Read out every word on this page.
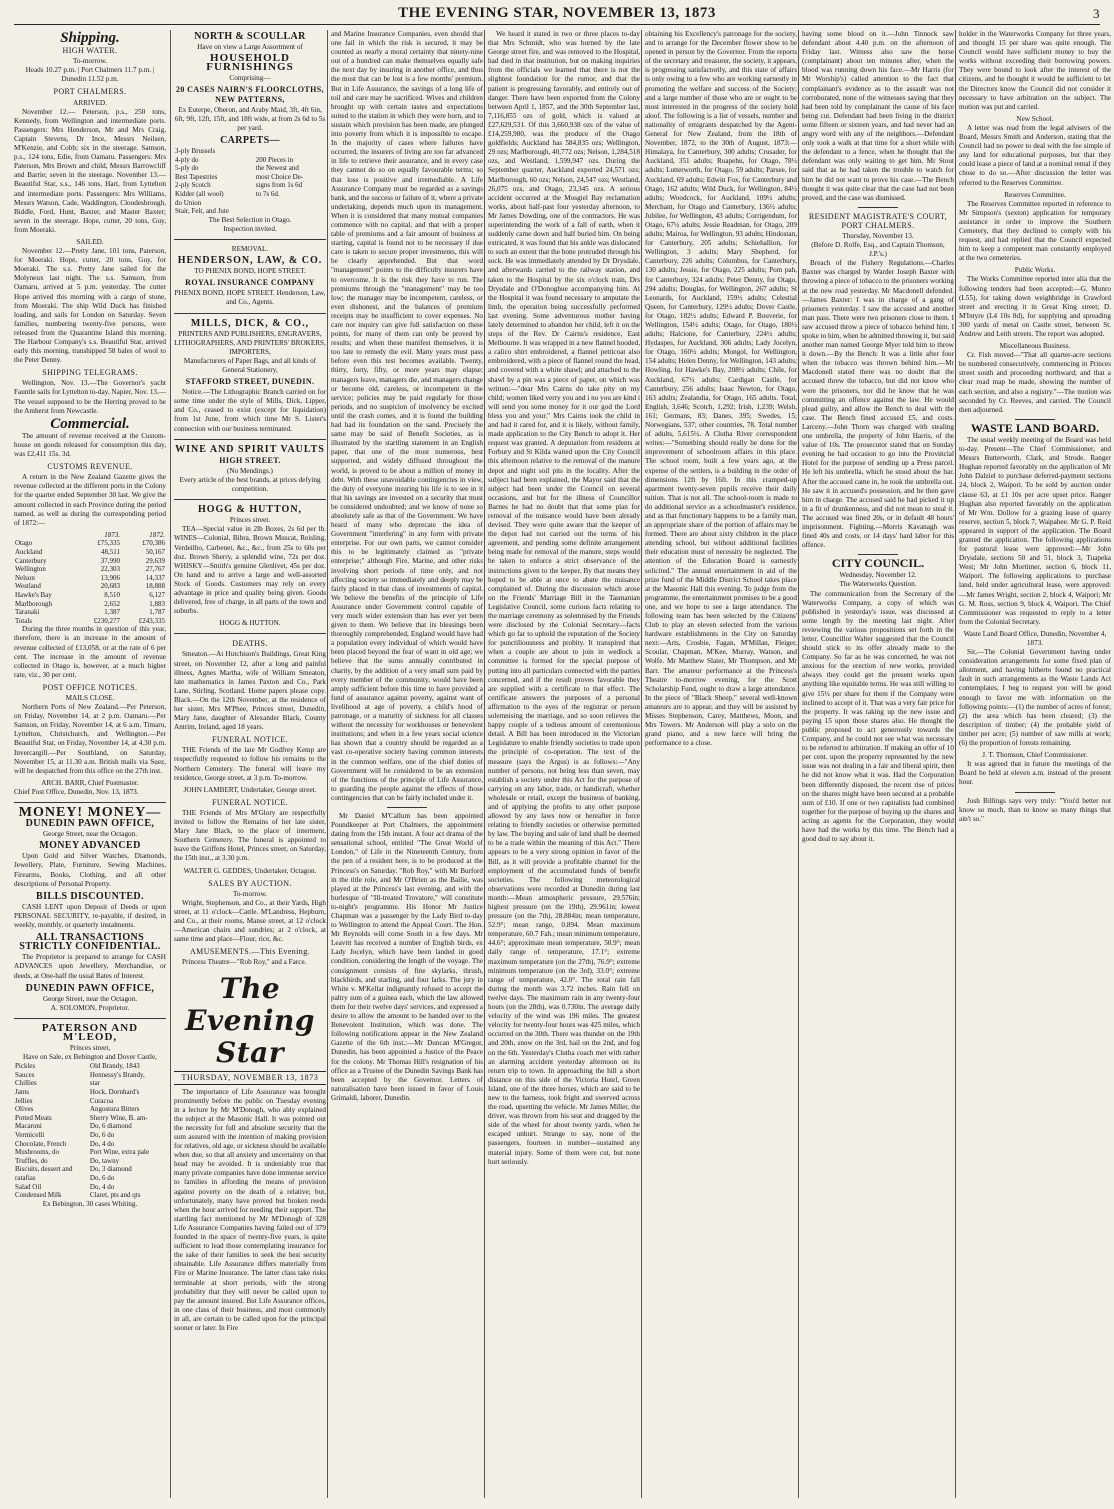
THE EVENING STAR, NOVEMBER 13, 1873	3
Shipping.
HIGH WATER.
To-morrow.
Heads 10.27 p.m. | Port Chalmers 11.7 p.m. | Dunedin 11.52 p.m.
PORT CHALMERS.
ARRIVED.

November 12.— Peterson, p.s., 250 tons, Kennedy, from Wellington and intermediate ports. Passengers: Mrs Henderson, Mr and Mrs Craig, Captain Stevens, Dr Ince, Messrs Neilsen, M'Kenzie, and Cobb; six in the steerage. Samson, p.s., 124 tons, Edie, from Oamaru. Passengers: Mrs Paterson, Mrs Brown and child, Messrs Barrowcliff and Barrie; seven in the steerage. November 13.—Beautiful Star, s.s., 146 tons, Hart, from Lyttelton and intermediate ports. Passengers: Mrs Williams, Messrs Watson, Cade, Waddington, Cloudesbrough, Biddle, Ford, Hunt, Baxter, and Master Baxter; seven in the steerage. Hope, cutter, 20 tons, Guy, from Moeraki.

SAILED.

November 12.—Pretty Jane, 101 tons, Paterson, for Moeraki. Hope, cutter, 20 tons, Guy, for Moeraki. The s.s. Pretty Jane sailed for the Molyneux last night. The s.s. Samson, from Oamaru, arrived at 5 p.m. yesterday. The cutter Hope arrived this morning with a cargo of stone, from Moeraki. The ship Wild Duck has finished loading, and sails for London on Saturday. Seven families, numbering twenty-five persons, were released from the Quarantine Island this morning. The Harbour Company's s.s. Beautiful Star, arrived early this morning, transhipped 58 bales of wool to the Peter Denny.

SHIPPING TELEGRAMS.

Wellington, Nov. 13.—The Governor's yacht Fauntle sails for Lyttelton to-day. Napier, Nov. 13.—The vessel supposed to be the Herring proved to be the Amherst from Newcastle.

Commercial.

The amount of revenue received at the Custom-house on goods released for consumption this day, was £2,411 15s. 3d.

CUSTOMS REVENUE.

A return in the New Zealand Gazette gives the revenue collected at the different ports in the Colony for the quarter ended September 30 last. We give the amount collected in each Province during the period named, as well as during the corresponding period of 1872:—

	1873.	1872.
Otago	£75,335	£70,386
Auckland	48,511	50,167
Canterbury	37,990	29,639
Wellington	22,303	27,767
Nelson	13,906	14,337
Westland	20,683	18,888
Hawke's Bay	8,510	6,127
Marlborough	2,652	1,883
Taranaki	1,387	1,787
Totals	£230,277	£243,335

During the three months in question of this year, therefore, there is an increase in the amount of revenue collected of £13,058, or at the rate of 6 per cent. The increase in the amount of revenue collected in Otago is, however, at a much higher rate, viz., 30 per cent.

POST OFFICE NOTICES.
MAILS CLOSE.

Northern Ports of New Zealand.—Per Peterson, on Friday, November 14, at 2 p.m. Oamaru.—Per Samson, on Friday, November 14, at 6 a.m. Timaru, Lyttelton, Christchurch, and Wellington.—Per Beautiful Star, on Friday, November 14, at 4.30 p.m. Invercargill.—Per Southland, on Saturday, November 15, at 11.30 a.m. British mails via Suez, will be despatched from this office on the 27th inst.

ARCH. BARR, Chief Postmaster.
Chief Post Office, Dunedin, Nov. 13, 1873.
MONEY! MONEY—
DUNEDIN PAWN OFFICE,
George Street, near the Octagon.
MONEY ADVANCED

Upon Gold and Silver Watches, Diamonds, Jewellery, Plate, Furniture, Sewing Machines, Firearms, Books, Clothing, and all other descriptions of Personal Property.

BILLS DISCOUNTED.

CASH LENT upon Deposit of Deeds or upon PERSONAL SECURITY, re-payable, if desired, in weekly, monthly, or quarterly instalments.

ALL TRANSACTIONS STRICTLY CONFIDENTIAL.

The Proprietor is prepared to arrange for CASH ADVANCES upon Jewellery, Merchandise, or deeds, at One-half the usual Rates of Interest.

DUNEDIN PAWN OFFICE,
George Street, near the Octagon.
A. SOLOMON, Proprietor.
PATERSON AND M'LEOD,
Princes street,
Have on Sale, ex Bebington and Dover Castle,
Pickles	Old Brandy, 1843
Sauces	Hennessy's Brandy,
Chillies	star
Jams	Hock, Dornhard's
Jellies	Curacoa
Olives	Angostura Bitters
Potted Meats	Sherry Wine, B. am-
Macaroni	Do, 6 diamond
Vermicelli	Do, 6 do
Chocolate, French	Do, 4 do
Mushrooms, do	Port Wine, extra pale
Truffles, do	Do, tawny
Biscuits, dessert and	Do, 3 diamond
ratafias	Do, 6 do
Salad Oil	Do, 4 do
Condensed Milk	Claret, pts and qts
Ex Bebington, 30 cases Whiting.
NORTH & SCOULLAR
Have on view a Large Assortment of
HOUSEHOLD FURNISHINGS
Comprising—
20 CASES NAIRN'S FLOORCLOTHS, NEW PATTERNS,

Ex Euterpe, Oberon, and Araby Maid, 3ft, 4ft 6in, 6ft, 9ft, 12ft, 15ft, and 18ft wide, at from 2s 6d to 5s per yard.

CARPETS—
3-ply Brussels	
4-ply do	200 Pieces in
5-ply do	the Newest and
Best Tapestries	most Choice De-
2-ply Scotch	signs from 1s 6d
Kidder (all wool)	to 7s 6d.
do Union	
Stair, Felt, and Jute	
The Best Selection in Otago.
Inspection invited.
REMOVAL.
HENDERSON, LAW, & CO.
TO PHENIX BOND, HOPE STREET.
ROYAL INSURANCE COMPANY
PHENIX BOND, HOPE STREET. Henderson, Law, and Co., Agents.
MILLS, DICK, & CO.,
PRINTERS AND PUBLISHERS, ENGRAVERS, LITHOGRAPHERS, AND PRINTERS' BROKERS,
IMPORTERS,
Manufacturers of Paper Bags, and all kinds of General Stationery,
STAFFORD STREET, DUNEDIN.

Notice.—The Lithographic Branch carried on for some time under the style of Mills, Dick, Lipper, and Co., ceased to exist (except for liquidation) from 1st June, from which time Mr S. Lister's connection with our business terminated.

WINE AND SPIRIT VAULTS
HIGH STREET.
(No Mendings.)
Every article of the best brands, at prices defying competition.
HOGG & HUTTON,
Princes street.

TEA—Special value in 2lb Boxes, 2s 6d per lb. WINES—Colonial, Bibra, Brown Muscat, Reisling, Verdeilho, Carbenet, &c., &c., from 25s to 60s per doz. Brown Sherry, a splendid wine, 72s per doz. WHISKY—Smith's genuine Glenlivet, 45s per doz. On hand and to arrive a large and well-assorted Stock of Goods. Customers may rely on every advantage in price and quality being given. Goods delivered, free of charge, in all parts of the town and suburbs.

HOGG & HUTTON.
DEATHS.

Smeaton.—At Hutchison's Buildings, Great King street, on November 12, after a long and painful illness, Agnes Martha, wife of William Smeaton, late mathematics in James Paxton and Co., Park Lane, Stirling, Scotland. Home papers please copy. Black.—On the 12th November, at the residence of her sister, Mrs M'Phee, Princes street, Dunedin, Mary Jane, daughter of Alexander Black, County Antrim, Ireland, aged 18 years.

FUNERAL NOTICE.

THE Friends of the late Mr Godfrey Kemp are respectfully requested to follow his remains to the Northern Cemetery. The funeral will leave my residence, George street, at 3 p.m. To-morrow.

JOHN LAMBERT, Undertaker, George street.
FUNERAL NOTICE.

THE Friends of Mrs M'Glory are respectfully invited to follow the Remains of her late sister, Mary Jane Black, to the place of interment, Southern Cemetery. The funeral is appointed to leave the Griffens Hotel, Princes street, on Saturday, the 15th inst., at 3.30 p.m.

WALTER G. GEDDES, Undertaker, Octagon.
SALES BY AUCTION.
To-morrow.

Wright, Stephenson, and Co., at their Yards, High street, at 11 o'clock—Cattle. M'Landress, Hepburn, and Co., at their rooms, Manse street, at 12 o'clock—American chairs and sundries; at 2 o'clock, at same time and place—Flour, rice, &c.

AMUSEMENTS.—This Evening.

Princess Theatre—"Rob Roy," and a Farce.

The Evening Star
THURSDAY, NOVEMBER 13, 1873

The importance of Life Assurance was brought prominently before the public on Tuesday evening in a lecture by Mr M'Donogh, who ably explained the subject at the Masonic Hall. It was pointed out the necessity for full and absolute security that the sum assured with the intention of making provision for relatives, old age, or sickness should be available when due, so that all anxiety and uncertainty on that head may be avoided. It is undeniably true that many private companies have done immense service to families in affording the means of provision against poverty on the death of a relative; but, unfortunately, many have proved but broken reeds when the hour arrived for needing their support. The startling fact mentioned by Mr M'Donogh of 328 Life Assurance Companies having failed out of 379 founded in the space of twenty-five years, is quite sufficient to lead those contemplating insurance for the sake of their families to seek the best security obtainable. Life Assurance differs materially from Fire or Marine Insurance. The latter class take risks terminable at short periods, with the strong probability that they will never be called upon to pay the amount insured. But Life Assurance offices, in one class of their business, and most commonly in all, are certain to be called upon for the principal sooner or later. In Fire

and Marine Insurance Companies, even should that one fail in which the risk is secured, it may be counted as nearly a moral certainty that ninety-nine out of a hundred can make themselves equally safe the next day by insuring in another office, and thus the most that can be lost is a few months' premium. But in Life Assurance, the savings of a long life of toil and care may be sacrificed. Wives and children brought up with certain tastes and expectations suited to the station in which they were born, and to sustain which provision has been made, are plunged into poverty from which it is impossible to escape. In the majority of cases where failures have occurred, the insurers of living are too far advanced in life to retrieve their assurance, and in every case they cannot do so on equally favourable terms; so that loss is positive and irremediable. A Life Assurance Company must be regarded as a savings bank, and the success or failure of it, where a private undertaking, depends much upon its management. When it is considered that many mutual companies commence with no capital, and that with a proper table of premiums and a fair amount of business at starting, capital is found not to be necessary if due care is taken to secure proper investments, this will be clearly apprehended. But that word "management" points to the difficulty insurers have to overcome. It is the risk they have to run. The premiums through the "management" may be too low; the manager may be incompetent, careless, or even dishonest, and the balances of premium receipts may be insufficient to cover expenses. No care nor inquiry can give full satisfaction on these points, for many of them can only be proved by results; and when these manifest themselves, it is too late to remedy the evil. Many years must pass before even this test becomes available. Twenty, thirty, forty, fifty, or more years may elapse; managers leave, managers die, and managers change or become old, careless, or incompetent in the service; policies may be paid regularly for those periods, and no suspicion of insolvency be excited until the crash comes, and it is found the building had had its foundation on the sand. Precisely the same may be said of Benefit Societies, as is illustrated by the startling statement in an English paper, that one of the most numerous, best supported, and widely diffused throughout the world, is proved to be about a million of money in debt. With these unavoidable contingencies in view, the duty of everyone insuring his life is to see in it that his savings are invested on a security that must be considered undoubted; and we know of none so absolutely safe as that of the Government. We have heard of many who deprecate the idea of Government "interfering" in any form with private enterprise. For our own parts, we cannot consider this to be legitimately claimed as "private enterprise;" although Fire, Marine, and other risks involving short periods of time only, and not affecting society so immediately and deeply may be fairly placed in that class of investments of capital. We believe the benefits of the principle of Life Assurance under Government control capable of very much wider extension than has ever yet been given to them. We believe that its blessings been thoroughly comprehended, England would have had a population every individual of which would have been placed beyond the fear of want in old age; we believe that the sums annually contributed in charity, by the addition of a very small sum paid by every member of the community, would have been amply sufficient before this time to have provided a fund of assurance against poverty, against want of livelihood at age of poverty, a child's hood of patronage, or a maturity of sickness for all classes without the necessity for workhouses or benevolent institutions; and when in a few years social science has shown that a country should be regarded as a vast co-operative society having common interests in the common welfare, one of the chief duties of Government will be considered to be an extension of the functions of the principle of Life Assurance, to guarding the people against the effects of those contingencies that can be fairly included under it.

Mr Daniel M'Callum has been appointed Poundkeeper at Port Chalmers, the appointment dating from the 15th instant. A four act drama of the sensational school, entitled "The Great World of London," of Life in the Nineteenth Century, from the pen of a resident here, is to be produced at the Princess's on Saturday. "Rob Roy," with Mr Burford in the title role, and Mr O'Brien as the Bailie, was played at the Princess's last evening, and with the burlesque of "Ill-treated Trovatore," will constitute to-night's programme. His Honor Mr Justice Chapman was a passenger by the Lady Bird to-day to Wellington to attend the Appeal Court. The Hon. Mr Reynolds will come South in a few days. Mr Leavitt has received a number of English birds, ex Lady Jocelyn, which have been landed in good condition, considering the length of the voyage. The consignment consists of fine skylarks, thrush, blackbirds, and starling, and four larks. The jury in White v. M'Kellar indignantly refused to accept the paltry sum of a guinea each, which the law allowed them for their twelve days' services, and expressed a desire to allow the amount to be handed over to the Benevolent Institution, which was done. The following notifications appear in the New Zealand Gazette of the 6th inst.:—Mr Duncan M'Gregor, Dunedin, has been appointed a Justice of the Peace for the colony. Mr Thomas Hill's resignation of his office as a Trustee of the Dunedin Savings Bank has been accepted by the Governor. Letters of naturalisation have been issued in favor of Louis Grimaldi, laborer, Dunedin.

We heard it stated in two or three places to-day that Mrs Schmidt, who was burned by the late George street fire, and was removed to the Hospital, had died in that institution, but on making inquiries from the officials we learned that there is not the slightest foundation for the rumor, and that the patient is progressing favorably, and entirely out of danger. There have been exported from the Colony between April 1, 1857, and the 30th September last, 7,116,855 ozs of gold, which is valued at £27,629,531. Of this 3,660,938 ozs of the value of £14,259,980, was the produce of the Otago goldfields; Auckland has 584,835 ozs; Wellington, 29 ozs; Marlborough, 40,772 ozs; Nelson, 1,284,518 ozs, and Westland, 1,599,947 ozs. During the September quarter, Auckland exported 24,571 ozs; Marlborough, 60 ozs; Nelson, 24,547 ozs; Westland, 26,075 ozs, and Otago, 23,345 ozs. A serious accident occurred at the Mosgiel Bay reclamation works, about half-past four yesterday afternoon, to Mr James Dowding, one of the contractors. He was superintending the work of a fall of earth, when it suddenly came down and half buried him. On being extricated, it was found that his ankle was dislocated to such an extent that the bone protruded through his sock. He was immediately attended by Dr Drysdale, and afterwards carried to the railway station, and taken to the Hospital by the six o'clock train, Drs Drysdale and O'Donoghue accompanying him. At the Hospital it was found necessary to amputate the limb, the operation being successfully performed last evening. Some adventurous mother having lately determined to abandon her child, left it on the steps of the Rev. Dr Cairns's residence, East Melbourne. It was wrapped in a new flannel hooded, a calico shirt embroidered, a flannel petticoat also embroidered, with a piece of flannel round the head, and covered with a white shawl; and attached to the shawl by a pin was a piece of paper, on which was written:—"dear Mrs Cairns do take pity on my child; women liked verry you and i no you are kind i will send you some money for it our god the Lord bless you and your." Mrs Cairns took the child in and had it cared for, and it is likely, without family, made application to the City Bench to adopt it. Her request was granted. A deputation from residents at Forbury and St Kilda waited upon the City Council this afternoon relative to the removal of the manure depot and night soil pits in the locality. After the subject had been explained, the Mayor said that the subject had been under the Council on several occasions, and but for the illness of Councillor Barnes he had no doubt that that some plan for removal of the nuisance would have been already devised. They were quite aware that the keeper of the depot had not carried out the terms of his agreement, and pending some definite arrangement being made for removal of the manure, steps would be taken to enforce a strict observance of the instructions given to the keeper. By that means they hoped to be able at once to abate the nuisance complained of. During the discussion which arose on the Friends' Marriage Bill in the Tasmanian Legislative Council, some curious facts relating to the marriage ceremony as solemnised by the Friends were disclosed by the Colonial Secretary—facts which go far to uphold the reputation of the Society for punctiliousness and probity. It transpired that when a couple are about to join in wedlock a committee is formed for the special purpose of putting into all particulars connected with the parties concerned, and if the result proves favorable they are supplied with a certificate to that effect. The certificate answers the purposes of a personal affirmation to the eyes of the registrar or person solemnising the marriage, and so soon relieves the happy couple of a tedious amount of ceremonious detail. A Bill has been introduced in the Victorian Legislature to enable friendly societies to trade upon the principle of co-operation. The text of the measure (says the Argus) is as follows:—"Any number of persons, not being less than seven, may establish a society under this Act for the purpose of carrying on any labor, trade, or handicraft, whether wholesale or retail, except the business of banking, and of applying the profits to any other purpose allowed by any laws now or hereafter in force relating to friendly societies or otherwise permitted by law. The buying and sale of land shall be deemed to be a trade within the meaning of this Act." There appears to be a very strong opinion in favor of the Bill, as it will provide a profitable channel for the employment of the accumulated funds of benefit societies. The following meteorological observations were recorded at Dunedin during last month:—Mean atmospheric pressure, 29.576in; highest pressure (on the 19th), 29.961in; lowest pressure (on the 7th), 28.884in; mean temperature, 52.9°; mean range, 0.894. Mean maximum temperature, 60.7 Fah.; mean minimum temperature, 44.6°; approximate mean temperature, 50.9°; mean daily range of temperature, 17.1°; extreme maximum temperature (on the 27th), 76.9°; extreme minimum temperature (on the 3rd), 33.0°; extreme range of temperature, 42.0°. The total rain fall during the month was 3.72 inches. Rain fell on twelve days. The maximum rain in any twenty-four hours (on the 28th), was 0.730in. The average daily velocity of the wind was 196 miles. The greatest velocity for twenty-four hours was 425 miles, which occurred on the 30th. There was thunder on the 19th and 20th, snow on the 3rd, hail on the 2nd, and fog on the 6th. Yesterday's Clutha coach met with rather an alarming accident yesterday afternoon on its return trip to town. In approaching the hill a short distance on this side of the Victoria Hotel, Green Island, one of the three horses, which are said to be new to the harness, took fright and swerved across the road, upsetting the vehicle. Mr James Miller, the driver, was thrown from his seat and dragged by the side of the wheel for about twenty yards, when he escaped unhurt. Strange to say, none of the passengers, fourteen in number—sustained any material injury. Some of them were cut, but none hurt seriously.

obtaining his Excellency's patronage for the society, and to arrange for the December flower show to be opened in person by the Governor. From the reports of the secretary and treasurer, the society, it appears, is progressing satisfactorily, and this state of affairs is only owing to a few who are working earnestly in promoting the welfare and success of the Society; and a large number of those who are or ought to be most interested in the progress of the society hold aloof. The following is a list of vessels, number and nationality of emigrants despatched by the Agent-General for New Zealand, from the 18th of November, 1872, to the 30th of August, 1873:—Himalaya, for Canterbury, 300 adults; Crusader, for Auckland, 351 adults; Ruapehu, for Otago, 78½ adults; Lutterworth, for Otago, 59 adults; Parsee, for Auckland, 69 adults; Edwin Fox, for Canterbury and Otago, 162 adults; Wild Duck, for Wellington, 84½ adults; Woodcock, for Auckland, 109½ adults; Merchant, for Otago and Canterbury, 136½ adults; Jubilee, for Wellington, 43 adults; Corrigendum, for Otago, 67½ adults; Jessie Readman, for Otago, 209 adults; Mairoa, for Wellington, 93 adults; Hindostan, for Canterbury, 205 adults; Schiehallion, for Wellington, 3 adults; Mary Shepherd, for Canterbury, 226 adults; Columbus, for Canterbury, 130 adults; Jessie, for Otago, 225 adults; Pom pah, for Canterbury, 324 adults; Peter Denny, for Otago, 294 adults; Douglas, for Wellington, 267 adults; St Leonards, for Auckland, 159½ adults; Celestial Queen, for Canterbury, 129½ adults; Dover Castle, for Otago, 182½ adults; Edward P. Bouverie, for Wellington, 154½ adults; Otago, for Otago, 180½ adults; Halcione, for Canterbury, 224½ adults; Hydaspes, for Auckland, 306 adults; Lady Jocelyn, for Otago, 160½ adults; Mongol, for Wellington, 154 adults; Helen Denny, for Wellington, 143 adults; Howling, for Hawke's Bay, 208½ adults; Chile, for Auckland, 67½ adults; Cardigan Castle, for Canterbury, 256 adults; Isaac Newton, for Otago, 163 adults; Zealandia, for Otago, 165 adults. Total, English, 3,646; Scotch, 1,292; Irish, 1,239; Welsh, 161; Germans, 83; Danes, 395; Swedes, 15; Norwegians, 537; other countries, 78. Total number of adults, 5,615½. A Clutha River correspondent writes:—"Something should really be done for the improvement of schoolroom affairs in this place. The school room, built a few years ago, at the expense of the settlers, is a building in the order of dimensions 12ft by 16ft. In this cramped-up apartment twenty-seven pupils receive their daily tuition. That is not all. The school-room is made to do additional service as a schoolmaster's residence, and as that functionary happens to be a family man, an appropriate share of the portion of affairs may be formed. There are about sixty children in the place attending school, but without additional facilities their education must of necessity be neglected. The attention of the Education Board is earnestly solicited." The annual entertainment in aid of the prize fund of the Middle District School takes place at the Masonic Hall this evening. To judge from the programme, the entertainment promises to be a good one, and we hope to see a large attendance. The following team has been selected by the Citizens' Club to play an eleven selected from the various hardware establishments in the City on Saturday next:—Arts, Crosbie, Fagan, M'Millan, Fleiger, Scoular, Chapman, M'Kee, Murray, Watson, and Wolfe. Mr Matthew Slater, Mr Thompson, and Mr Barr. The amateur performance at the Princess's Theatre to-morrow evening, for the Scott Scholarship Fund, ought to draw a large attendance. In the piece of "Black Sheep," several well-known amateurs are to appear, and they will be assisted by Misses Stephenson, Carey, Matthews, Moon, and Mrs Towers. Mr Anderson will play a solo on the grand piano, and a new farce will bring the performance to a close.

having some blood on it.—John Tinnock saw defendant about 4.40 p.m. on the afternoon of Friday last. Witness also saw the horse (complainant) about ten minutes after, when the blood was running down his face.—Mr Harris (for Mr Worship's) called attention to the fact that complainant's evidence as to the assault was not corroborated, none of the witnesses saying that they had been told by complainant the cause of his face being cut. Defendant had been living in the district some fifteen or sixteen years, and had never had an angry word with any of the neighbors.—Defendant only took a walk at that time for a short while with the defendant to a fence, when he thought that the defendant was only waiting to get him. Mr Stout said that as he had taken the trouble to watch for him he did not want to prove his case.—The Bench thought it was quite clear that the case had not been proved, and the case was dismissed.

RESIDENT MAGISTRATE'S COURT, PORT CHALMERS.
Thursday, November 13.
(Before D. Rolfe, Esq., and Captain Thomson, J.P.'s.)

Breach of the Fishery Regulations.—Charles Baxter was charged by Warder Joseph Baxter with throwing a piece of tobacco to the prisoners working at the new road yesterday. Mr Macdonell defended.—James Baxter: I was in charge of a gang of prisoners yesterday. I saw the accused and another man pass. There were two prisoners close to them. I saw accused throw a piece of tobacco behind him. I spoke to him, when he admitted throwing it, but said another man named George Myer told him to throw it down.—By the Bench: It was a little after four when the tobacco was thrown behind him.—Mr Macdonell stated there was no doubt that the accused threw the tobacco, but did not know who were the prisoners, nor did he know that he was committing an offence against the law. He would plead guilty, and allow the Bench to deal with the case. The Bench fined accused £5, and costs. Larceny.—John Thorn was charged with stealing one umbrella, the property of John Harris, of the value of 10s. The prosecutor stated that on Sunday evening he had occasion to go into the Provincial Hotel for the purpose of sending up a Press parcel. He left his umbrella, which he stood about the bar. After the accused came in, he took the umbrella out. He saw it in accused's possession, and he then gave him in charge. The accused said he had picked it up in a fit of drunkenness, and did not mean to steal it. The accused was fined 20s, or in default 48 hours' imprisonment. Fighting.—Morris Kavanagh was fined 40s and costs, or 14 days' hard labor for this offence.

CITY COUNCIL.
Wednesday, November 12.
The Waterworks Question.

The communication from the Secretary of the Waterworks Company, a copy of which was published in yesterday's issue, was discussed at some length by the meeting last night. After reviewing the various propositions set forth in the letter, Councillor Walter suggested that the Council should stick to its offer already made to the Company. So far as he was concerned, he was not anxious for the erection of new works, provided always they could get the present works upon anything like equitable terms. He was still willing to give 15½ per share for them if the Company were inclined to accept of it. That was a very fair price for the property. It was taking up the new issue and paying 15 upon those shares also. He thought the public proposed to act generously towards the Company, and he could not see what was necessary to be referred to arbitration. If making an offer of 10 per cent. upon the property represented by the new issue was not dealing in a fair and liberal spirit, then he did not know what it was. Had the Corporation been differently disposed, the recent rise of prices on the shares might have been secured at a probable sum of £10. If one or two capitalists had combined together for the purpose of buying up the shares and acting as agents for the Corporation, they would have had the works by this time. The Bench had a good deal to say about it.

holder in the Waterworks Company for three years, and thought 15 per share was quite enough. The Council would have sufficient money to buy the works without exceeding their borrowing powers. They were bound to look after the interest of the citizens, and he thought it would be sufficient to let the Directors know the Council did not consider it necessary to have arbitration on the subject. The motion was put and carried.

New School.

A letter was read from the legal advisers of the Board, Messrs Smith and Anderson, stating that the Council had no power to deal with the fee simple of any land for educational purposes, but that they could lease a piece of land at a nominal rental if they chose to do so.—After discussion the letter was referred to the Reserves Committee.

Reserves Committee.

The Reserves Committee reported in reference to Mr Simpson's (sexton) application for temporary assistance in order to improve the Southern Cemetery, that they declined to comply with his request, and had replied that the Council expected him to keep a competent man constantly employed at the two cemeteries.

Public Works.

The Works Committee reported inter alia that the following tenders had been accepted:—G. Munro (L55), for taking down weighbridge in Crawford street and erecting it in Great King street; D. M'Intyre (L4 10s 8d), for supplying and spreading 300 yards of metal on Castle street, between St. Andrew and Leith streets. The report was adopted.

Miscellaneous Business.

Cr. Fish moved—"That all quarter-acre sections be numbered consecutively, commencing in Princes street south and proceeding northward; and that a clear road map be made, showing the number of each section, and also a registry."—The motion was seconded by Cr. Reeves, and carried. The Council then adjourned.

WASTE LAND BOARD.

The usual weekly meeting of the Board was held to-day. Present—The Chief Commissioner, and Messrs Butterworth, Clark, and Strode. Ranger Hughan reported favorably on the application of Mr John Dalziel to purchase deferred-payment sections 24, block 2, Waipori. To be sold by auction under clause 63, at £1 10s per acre upset price. Ranger Hughan also reported favorably on the application of Mr Wm. Dollow for a grazing lease of quarry reserve, section 5, block 7, Waipahee. Mr G. P. Reid appeared in support of the application. The Board granted the application. The following applications for pastoral lease were approved:—Mr John Drysdale, sections 50 and 51, block 3, Tuapeka West; Mr John Mortimer, section 6, block 11, Waipori. The following applications to purchase land, held under agricultural lease, were approved:—Mr James Wright, section 2, block 4, Waipori; Mr G. M. Ross, section 9, block 4, Waipori. The Chief Commissioner was requested to reply to a letter from the Colonial Secretary.

Waste Land Board Office, Dunedin, November 4, 1873.

Sir,—The Colonial Government having under consideration arrangements for some fixed plan of allotment, and having hitherto found no practical fault in such arrangements as the Waste Lands Act contemplates, I beg to request you will be good enough to favor me with information on the following points:—(1) the number of acres of forest; (2) the area which has been cleared; (3) the description of timber; (4) the probable yield of timber per acre; (5) number of saw mills at work; (6) the proportion of forests remaining.

J. T. Thomson, Chief Commissioner.

It was agreed that in future the meetings of the Board be held at eleven a.m. instead of the present hour.

Josh Billings says very truly: "You'd better not know so much, than to know so many things that ain't so."
